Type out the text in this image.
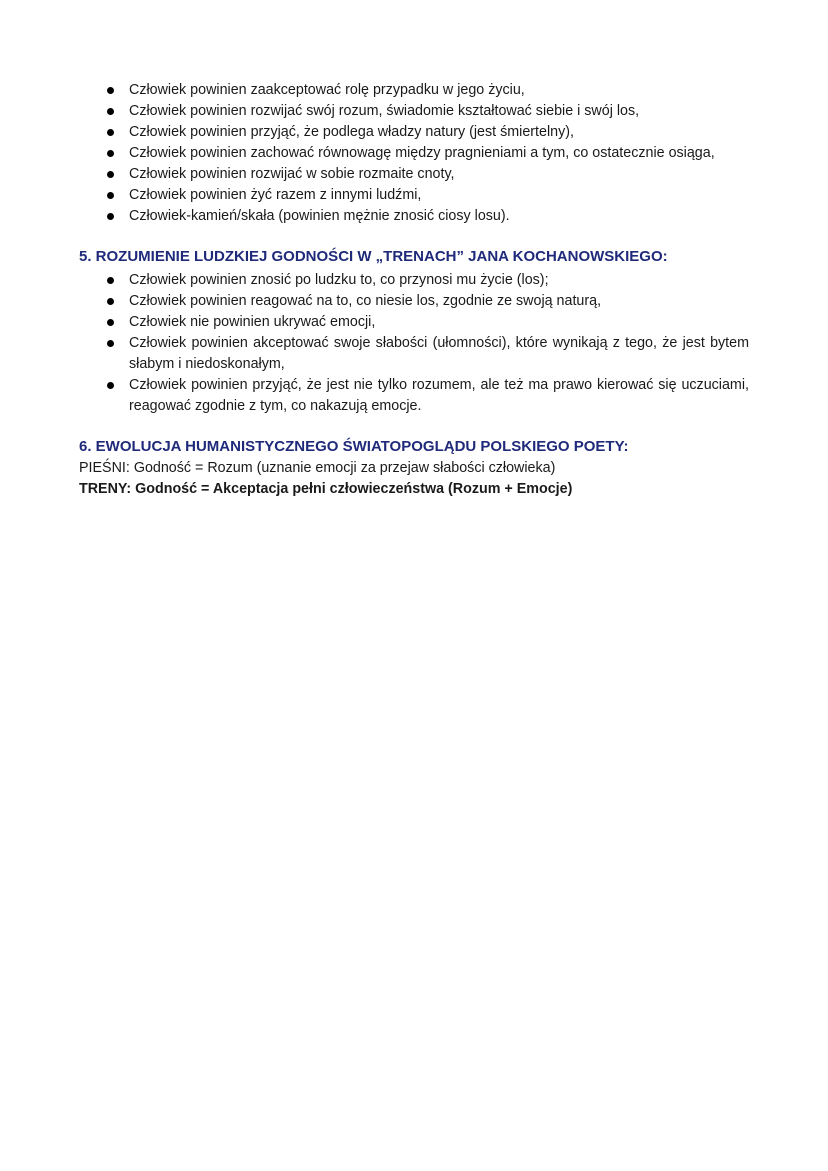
Człowiek powinien zaakceptować rolę przypadku w jego życiu,
Człowiek powinien rozwijać swój rozum, świadomie kształtować siebie i swój los,
Człowiek powinien przyjąć, że podlega władzy natury (jest śmiertelny),
Człowiek powinien zachować równowagę między pragnieniami a tym, co ostatecznie osiąga,
Człowiek powinien rozwijać w sobie rozmaite cnoty,
Człowiek powinien żyć razem z innymi ludźmi,
Człowiek-kamień/skała (powinien mężnie znosić ciosy losu).

5. ROZUMIENIE LUDZKIEJ GODNOŚCI W „TRENACH” JANA KOCHANOWSKIEGO:

Człowiek powinien znosić po ludzku to, co przynosi mu życie (los);
Człowiek powinien reagować na to, co niesie los, zgodnie ze swoją naturą,
Człowiek nie powinien ukrywać emocji,
Człowiek powinien akceptować swoje słabości (ułomności), które wynikają z tego, że jest bytem słabym i niedoskonałym,
Człowiek powinien przyjąć, że jest nie tylko rozumem, ale też ma prawo kierować się uczuciami, reagować zgodnie z tym, co nakazują emocje.

6. EWOLUCJA HUMANISTYCZNEGO ŚWIATOPOGLĄDU POLSKIEGO POETY:

PIEŚNI: Godność = Rozum (uznanie emocji za przejaw słabości człowieka)

TRENY: Godność = Akceptacja pełni człowieczeństwa (Rozum + Emocje)
